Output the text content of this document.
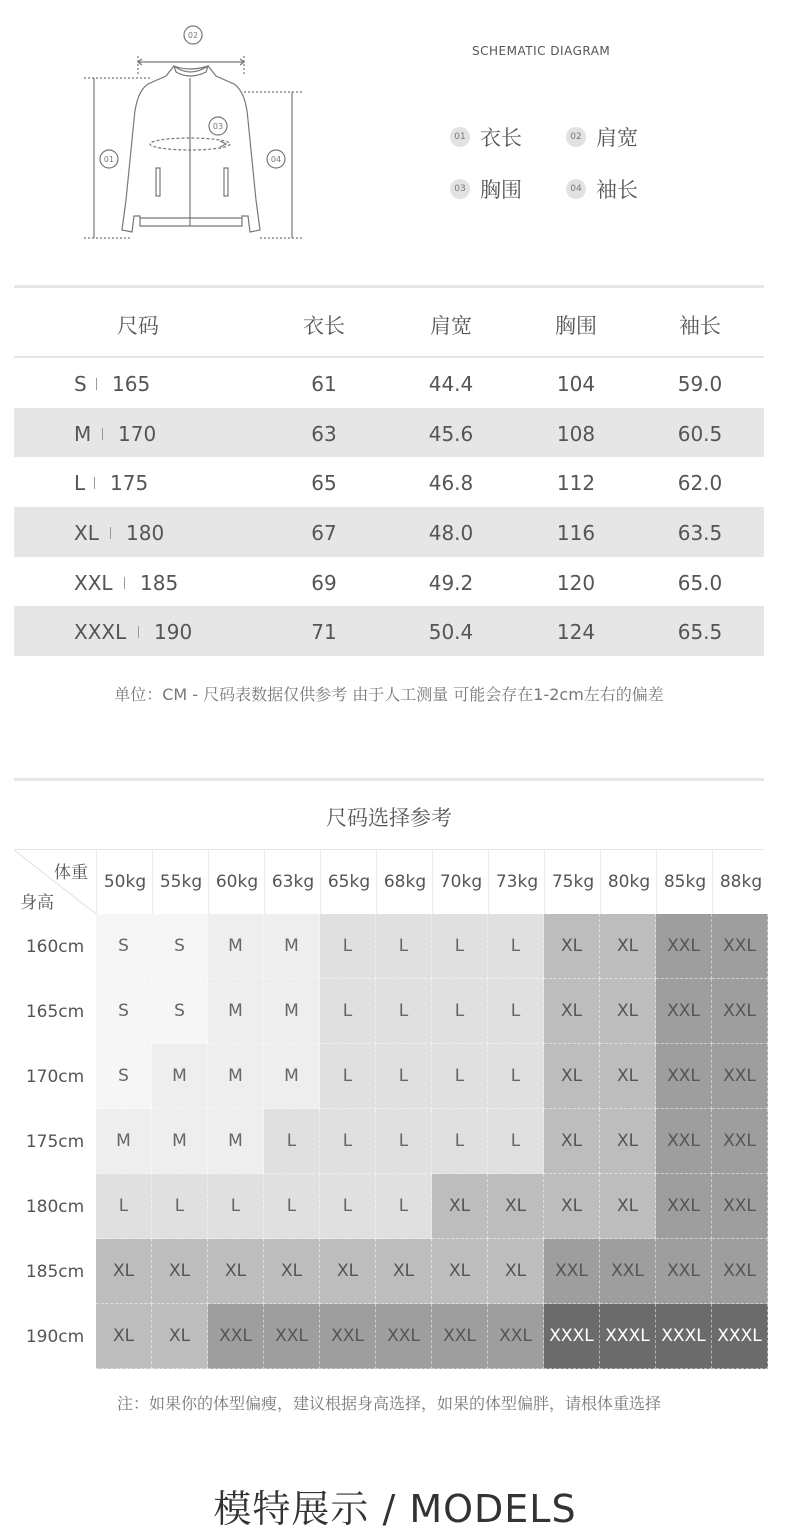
02
03
01	04
SCHEMATIC DIAGRAM
01 衣长	02 肩宽
03 胸围	04 袖长
尺码	衣长	肩宽	胸围	袖长
S 165	61	44.4	104	59.0
M 170	63	45.6	108	60.5
L 175	65	46.8	112	62.0
XL 180	67	48.0	116	63.5
XXL 185	69	49.2	120	65.0
XXXL 190	71	50.4	124	65.5
单位：CM - 尺码表数据仅供参考 由于人工测量 可能会存在1-2cm左右的偏差
尺码选择参考
体重
身高
50kg 55kg 60kg 63kg 65kg 68kg 70kg 73kg 75kg 80kg 85kg 88kg
160cm	S	S	M	M	L	L	L	L	XL	XL	XXL	XXL
165cm	S	S	M	M	L	L	L	L	XL	XL	XXL	XXL
170cm	S	M	M	M	L	L	L	L	XL	XL	XXL	XXL
175cm	M	M	M	L	L	L	L	L	XL	XL	XXL	XXL
180cm	L	L	L	L	L	L	XL	XL	XL	XL	XXL	XXL
185cm	XL	XL	XL	XL	XL	XL	XL	XL	XXL	XXL	XXL	XXL
190cm	XL	XL	XXL	XXL	XXL	XXL	XXL	XXL	XXXL XXXL XXXL XXXL
注：如果你的体型偏瘦，建议根据身高选择，如果的体型偏胖，请根体重选择
模特展示 / MODELS
